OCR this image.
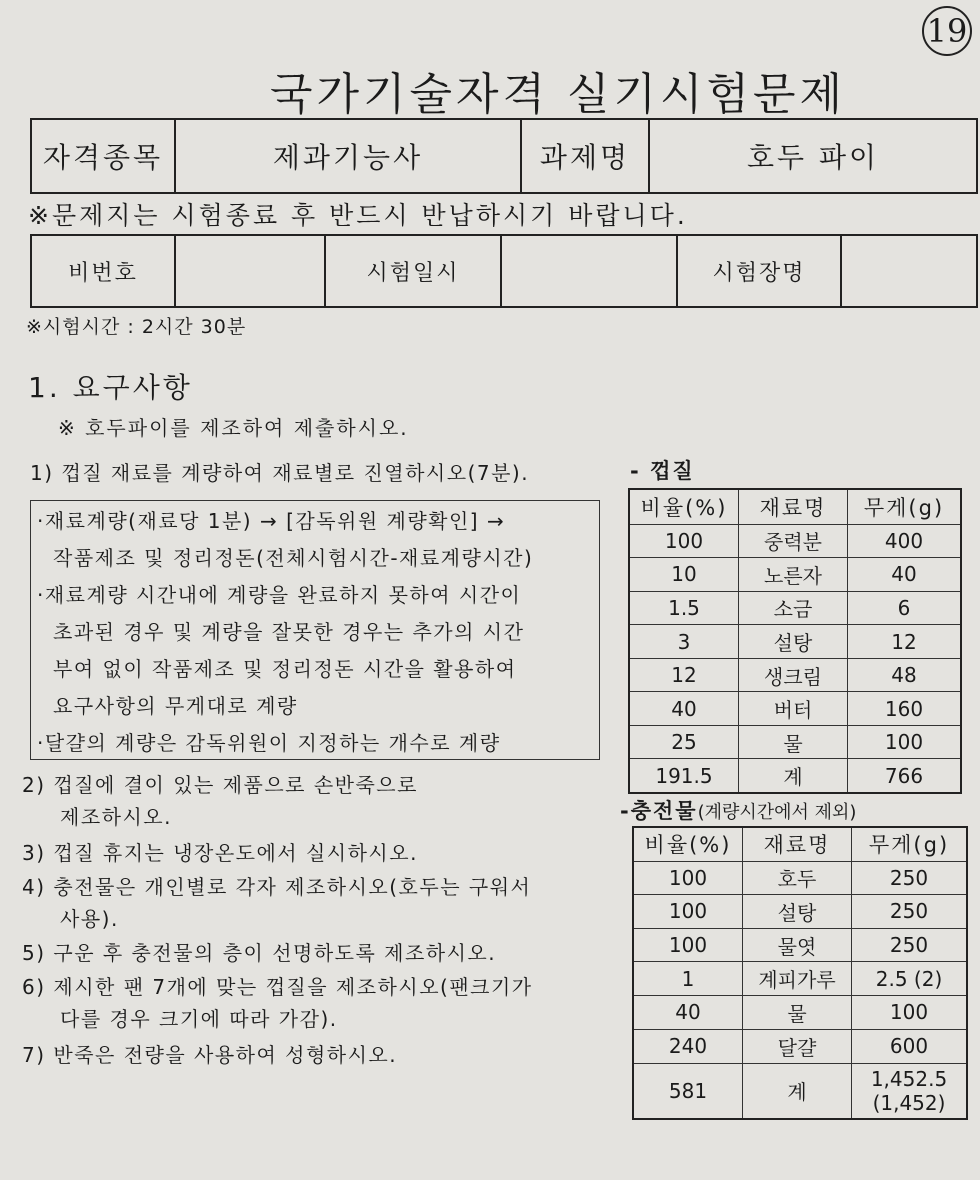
19
국가기술자격 실기시험문제
자격종목	제과기능사	과제명	호두 파이
※문제지는 시험종료 후 반드시 반납하시기 바랍니다.
비번호		시험일시		시험장명	
※시험시간 : 2시간 30분
1. 요구사항
※ 호두파이를 제조하여 제출하시오.
1) 껍질 재료를 계량하여 재료별로 진열하시오(7분).

·재료계량(재료당 1분) → [감독위원 계량확인] →

작품제조 및 정리정돈(전체시험시간-재료계량시간)

·재료계량 시간내에 계량을 완료하지 못하여 시간이

초과된 경우 및 계량을 잘못한 경우는 추가의 시간

부여 없이 작품제조 및 정리정돈 시간을 활용하여

요구사항의 무게대로 계량

·달걀의 계량은 감독위원이 지정하는 개수로 계량

2) 껍질에 결이 있는 제품으로 손반죽으로
제조하시오.
3) 껍질 휴지는 냉장온도에서 실시하시오.
4) 충전물은 개인별로 각자 제조하시오(호두는 구워서
사용).
5) 구운 후 충전물의 층이 선명하도록 제조하시오.
6) 제시한 팬 7개에 맞는 껍질을 제조하시오(팬크기가
다를 경우 크기에 따라 가감).
7) 반죽은 전량을 사용하여 성형하시오.
- 껍질
비율(%)	재료명	무게(g)
100	중력분	400
10	노른자	40
1.5	소금	6
3	설탕	12
12	생크림	48
40	버터	160
25	물	100
191.5	계	766
-충전물(계량시간에서 제외)
비율(%)	재료명	무게(g)
100	호두	250
100	설탕	250
100	물엿	250
1	계피가루	2.5 (2)
40	물	100
240	달걀	600
581	계	1,452.5
(1,452)
